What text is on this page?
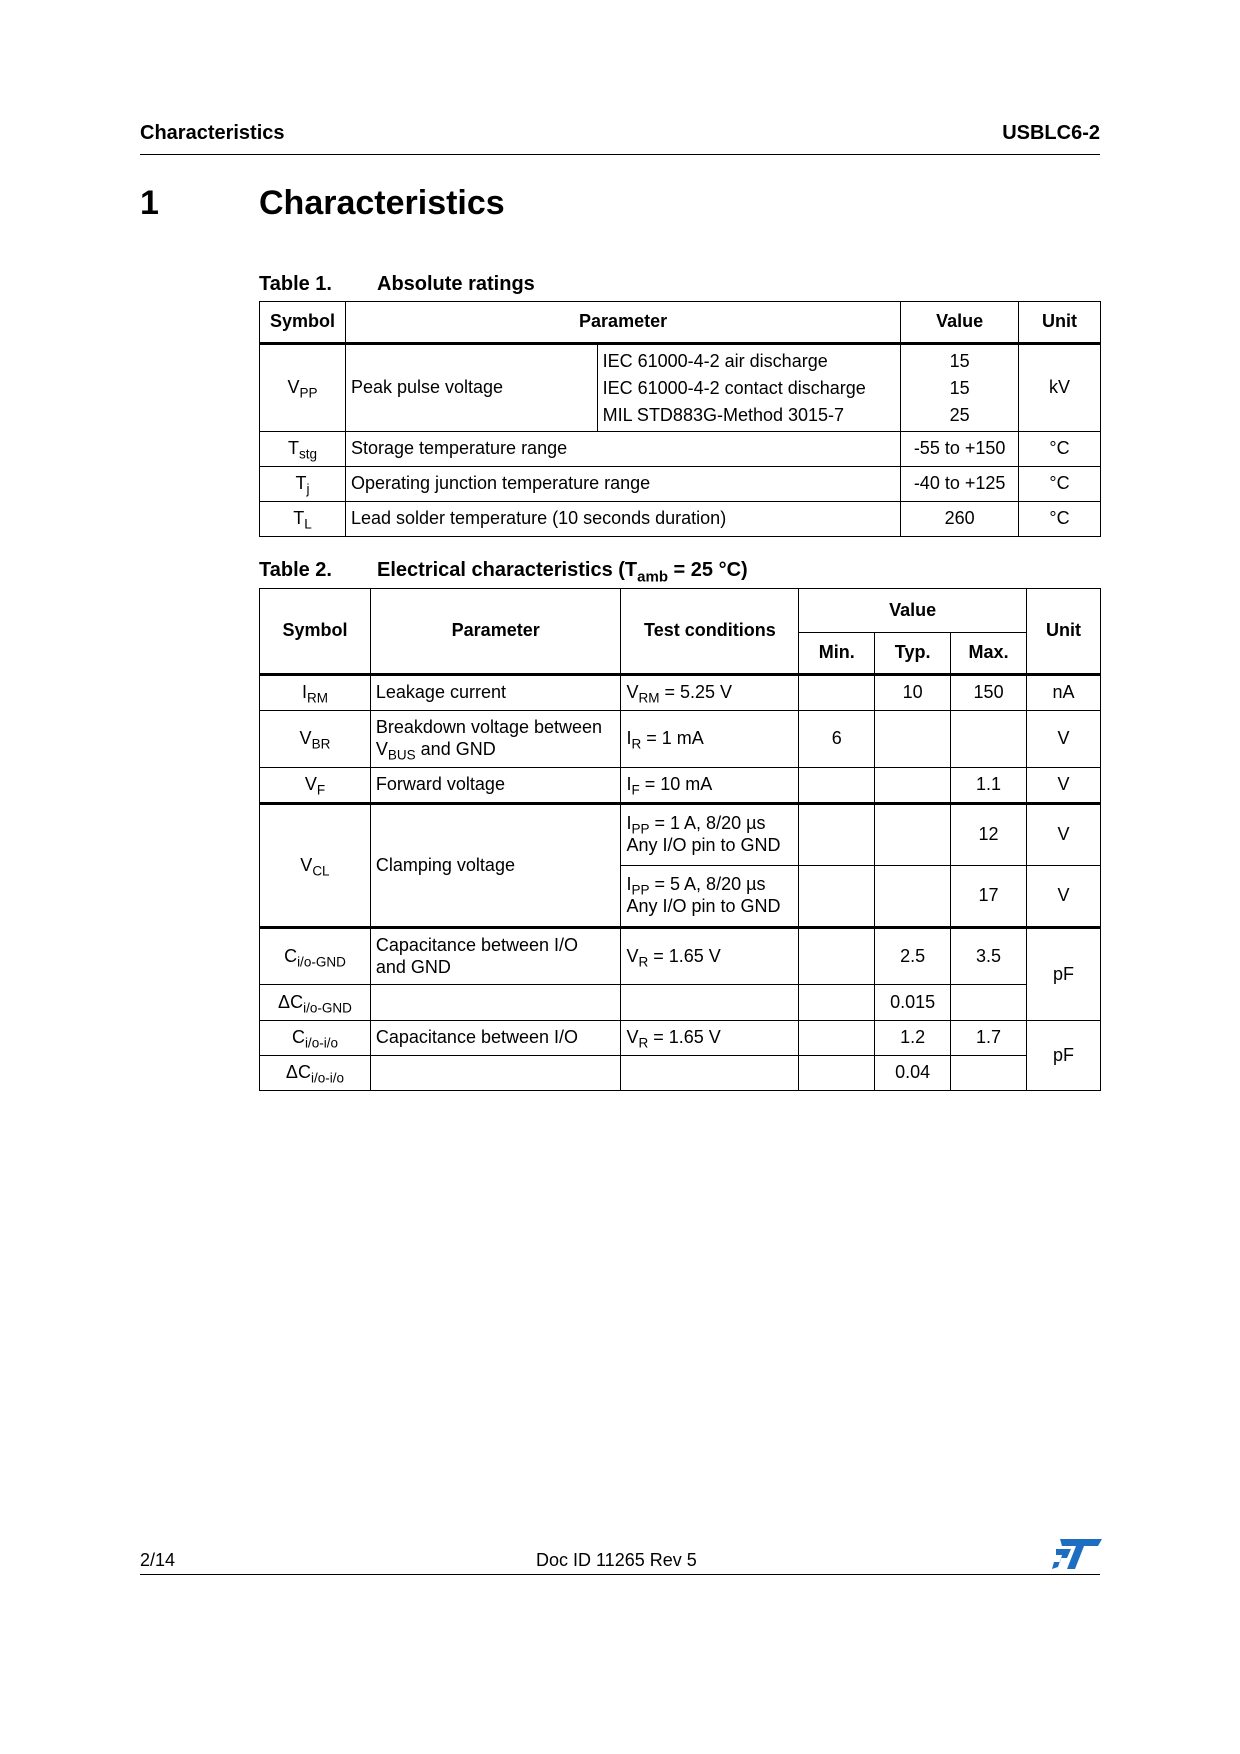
Characteristics	USBLC6-2
1	Characteristics
Table 1. Absolute ratings
Symbol	Parameter		Value	Unit
$V_{PP}$	Peak pulse voltage	IEC 61000-4-2 air discharge
IEC 61000-4-2 contact discharge
MIL STD883G-Method 3015-7	15
15
25	kV
$T_{stg}$	Storage temperature range		-55 to +150	°C
$T_j$	Operating junction temperature range		-40 to +125	°C
$T_L$	Lead solder temperature (10 seconds duration)		260	°C
Table 2. Electrical characteristics ($T_{amb} = 25$ °C)
Symbol	Parameter	Test conditions	Value			Unit
			Min.	Typ.	Max.	
$I_{RM}$	Leakage current	$V_{RM} = 5.25$ V		10	150	nA
$V_{BR}$	Breakdown voltage between
$V_{BUS}$ and GND	$I_R = 1$ mA	6			V
$V_F$	Forward voltage	$I_F = 10$ mA			1.1	V
$V_{CL}$	Clamping voltage	$I_{PP} = 1$ A, 8/20 µs
Any I/O pin to GND			12	V

		$I_{PP} = 5$ A, 8/20 µs
Any I/O pin to GND			17	V
$C_{i/o-GND}$	Capacitance between I/O
and GND	$V_R = 1.65$ V		2.5	3.5	pF
$\Delta C_{i/o-GND}$				0.015		
$C_{i/o-i/o}$	Capacitance between I/O	$V_R = 1.65$ V		1.2	1.7	pF
$\Delta C_{i/o-i/o}$				0.04		
2/14	Doc ID 11265 Rev 5
